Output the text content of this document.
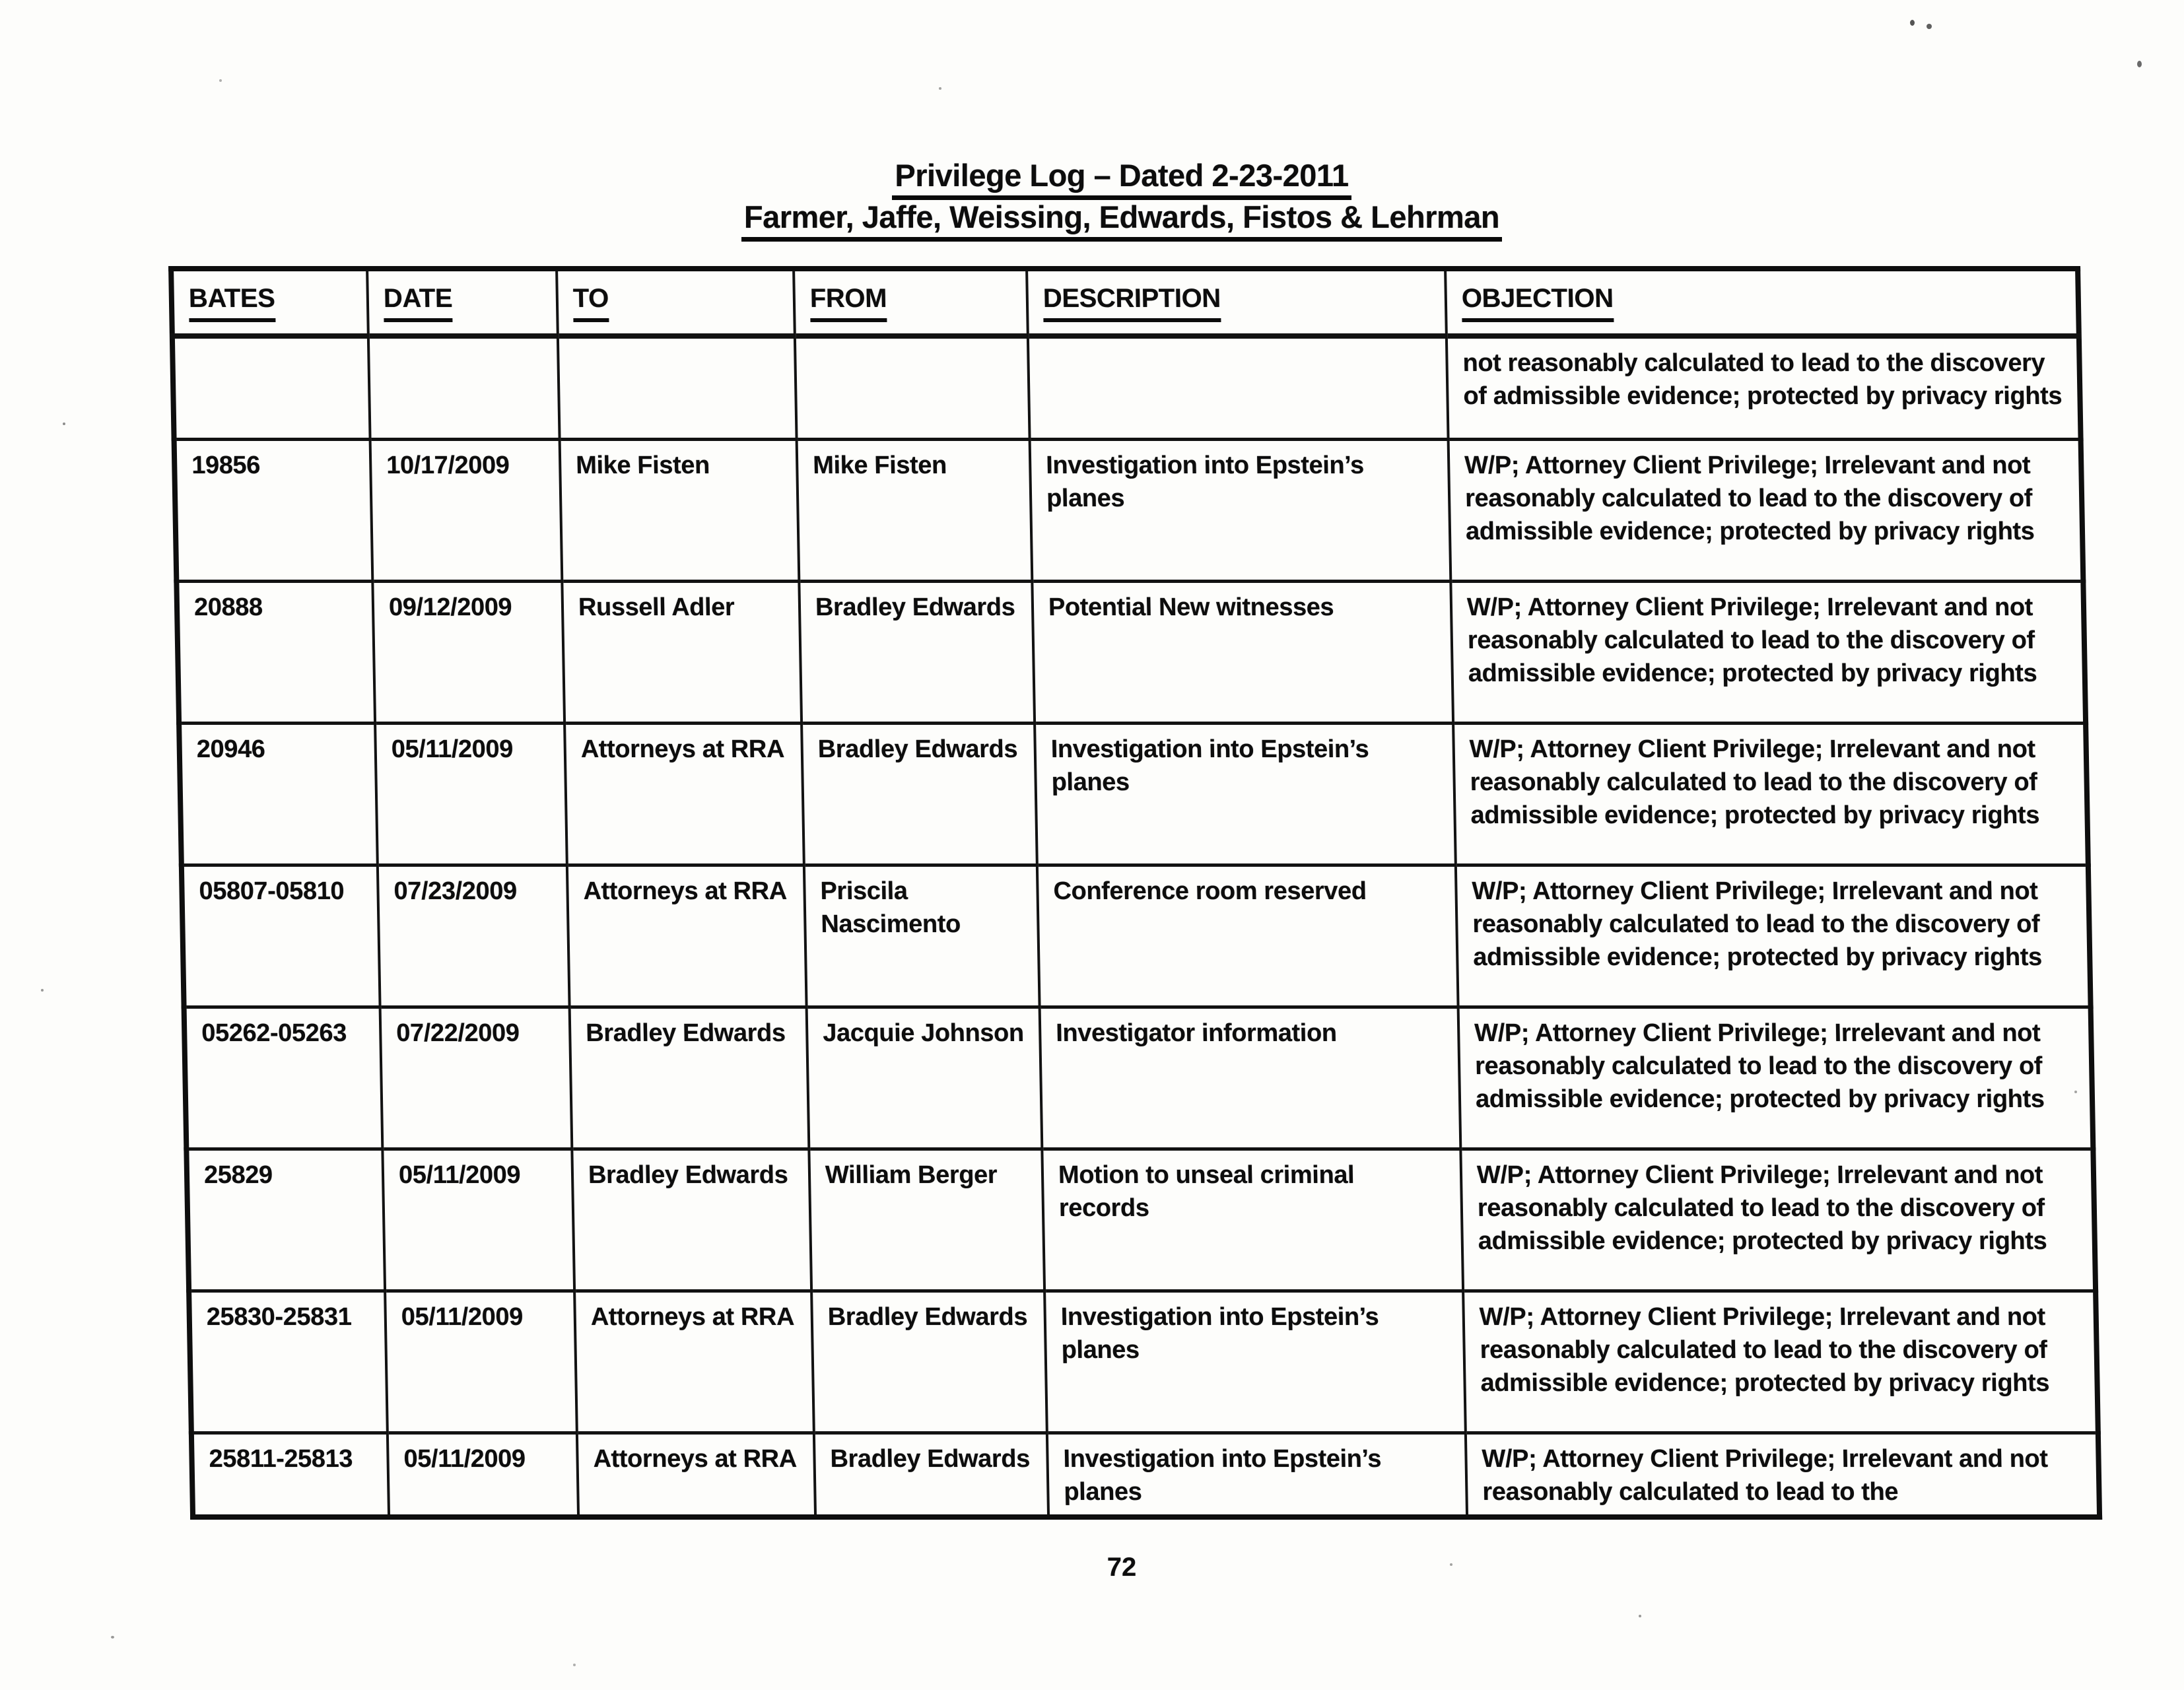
Privilege Log – Dated 2-23-2011
Farmer, Jaffe, Weissing, Edwards, Fistos & Lehrman
BATES	DATE	TO	FROM	DESCRIPTION	OBJECTION
					not reasonably calculated to lead to the discovery of admissible evidence; protected by privacy rights
19856	10/17/2009	Mike Fisten	Mike Fisten	Investigation into Epstein’s planes	W/P; Attorney Client Privilege; Irrelevant and not reasonably calculated to lead to the discovery of admissible evidence; protected by privacy rights
20888	09/12/2009	Russell Adler	Bradley Edwards	Potential New witnesses	W/P; Attorney Client Privilege; Irrelevant and not reasonably calculated to lead to the discovery of admissible evidence; protected by privacy rights
20946	05/11/2009	Attorneys at RRA	Bradley Edwards	Investigation into Epstein’s planes	W/P; Attorney Client Privilege; Irrelevant and not reasonably calculated to lead to the discovery of admissible evidence; protected by privacy rights
05807-05810	07/23/2009	Attorneys at RRA	Priscila Nascimento	Conference room reserved	W/P; Attorney Client Privilege; Irrelevant and not reasonably calculated to lead to the discovery of admissible evidence; protected by privacy rights
05262-05263	07/22/2009	Bradley Edwards	Jacquie Johnson	Investigator information	W/P; Attorney Client Privilege; Irrelevant and not reasonably calculated to lead to the discovery of admissible evidence; protected by privacy rights
25829	05/11/2009	Bradley Edwards	William Berger	Motion to unseal criminal records	W/P; Attorney Client Privilege; Irrelevant and not reasonably calculated to lead to the discovery of admissible evidence; protected by privacy rights
25830-25831	05/11/2009	Attorneys at RRA	Bradley Edwards	Investigation into Epstein’s planes	W/P; Attorney Client Privilege; Irrelevant and not reasonably calculated to lead to the discovery of admissible evidence; protected by privacy rights
25811-25813	05/11/2009	Attorneys at RRA	Bradley Edwards	Investigation into Epstein’s planes	W/P; Attorney Client Privilege; Irrelevant and not reasonably calculated to lead to the
72
